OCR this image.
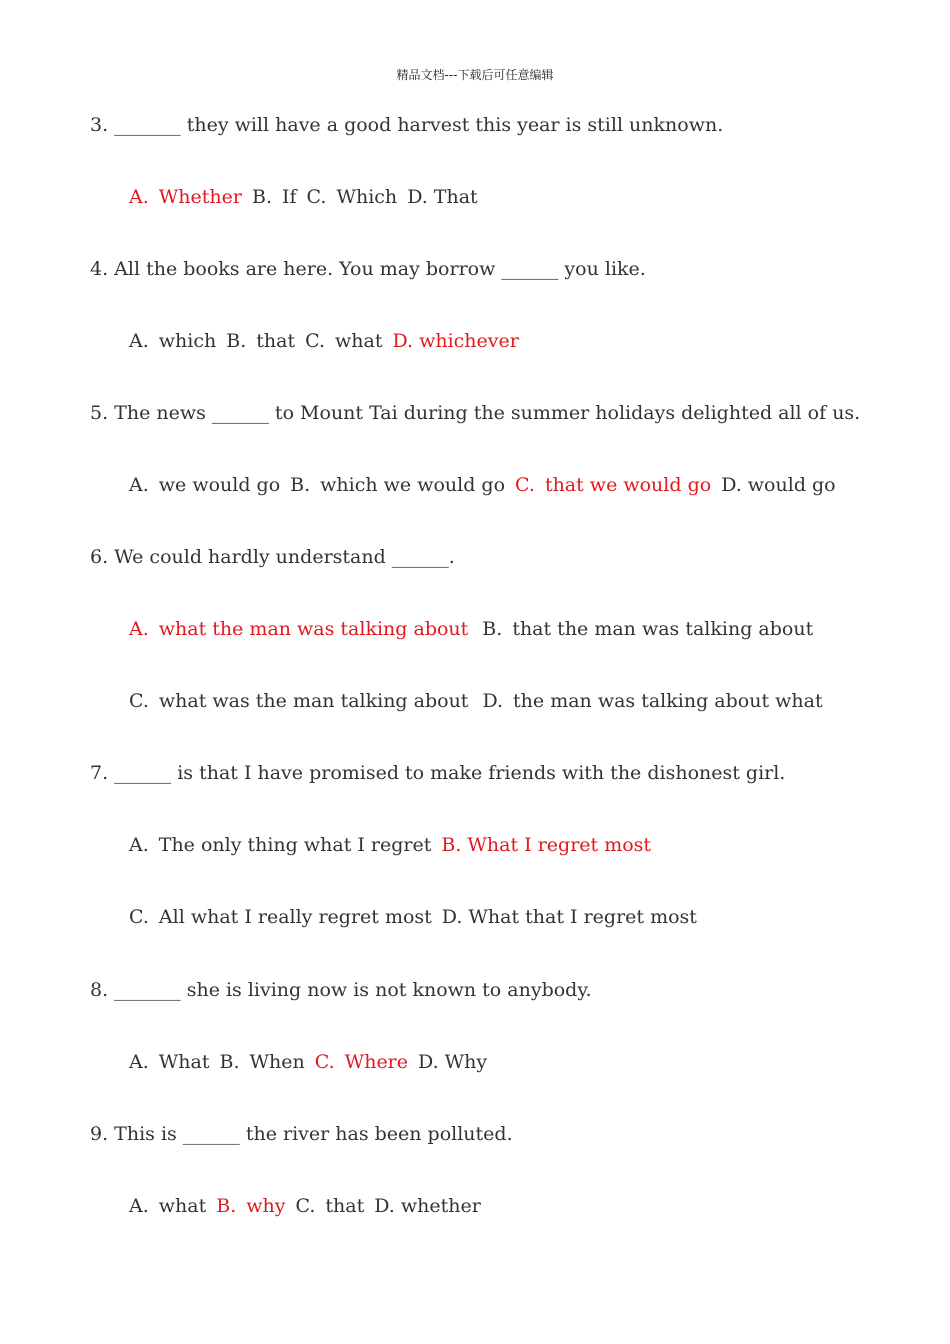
精品文档---下载后可任意编辑
3. _______ they will have a good harvest this year is still unknown.
A. Whether B. If C. Which D. That
4. All the books are here. You may borrow ______ you like.
A. which B. that C. what D. whichever
5. The news ______ to Mount Tai during the summer holidays delighted all of us.
A. we would go B. which we would go C. that we would go D. would go
6. We could hardly understand ______.
A. what the man was talking about B. that the man was talking about
C. what was the man talking about D. the man was talking about what
7. ______ is that I have promised to make friends with the dishonest girl.
A. The only thing what I regret B. What I regret most
C. All what I really regret most D. What that I regret most
8. _______ she is living now is not known to anybody.
A. What B. When C. Where D. Why
9. This is ______ the river has been polluted.
A. what B. why C. that D. whether
